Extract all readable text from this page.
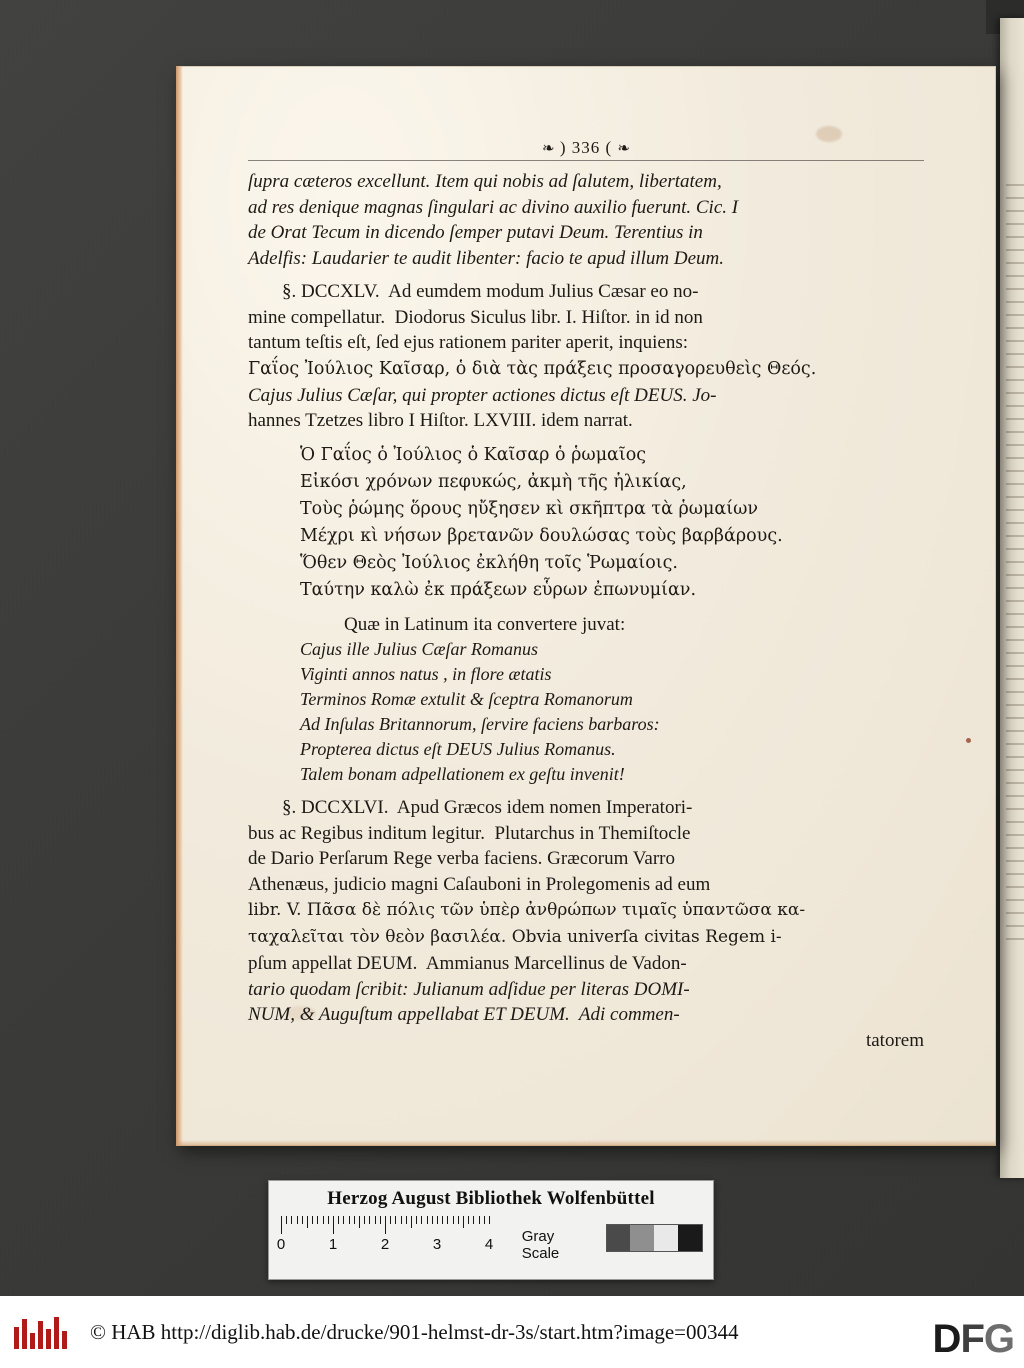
❧ ) 336 ( ❧

ſupra cæteros excellunt. Item qui nobis ad ſalutem, libertatem,

ad res denique magnas ſingulari ac divino auxilio fuerunt. Cic. I

de Orat Tecum in dicendo ſemper putavi Deum. Terentius in

Adelfis: Laudarier te audit libenter: facio te apud illum Deum.

§. DCCXLV.  Ad eumdem modum Julius Cæsar eo no-

mine compellatur.  Diodorus Siculus libr. I. Hiſtor. in id non

tantum teſtis eſt, ſed ejus rationem pariter aperit, inquiens:

Γαΐος Ἰούλιος Καῖσαρ, ὁ διὰ τὰς πράξεις προσαγορευθεὶς Θεός.

Cajus Julius Cæſar, qui propter actiones dictus eſt DEUS. Jo-

hannes Tzetzes libro I Hiſtor. LXVIII. idem narrat.

Ὁ Γαΐος ὁ Ἰούλιος ὁ Καῖσαρ ὁ ῥωμαῖος

Εἰκόσι χρόνων πεφυκώς, ἀκμὴ τῆς ἡλικίας,

Τοὺς ῥώμης ὅρους ηὔξησεν κὶ σκῆπτρα τὰ ῥωμαίων

Μέχρι κὶ νήσων βρετανῶν δουλώσας τοὺς βαρβάρους.

Ὅθεν Θεὸς Ἰούλιος ἐκλήθη τοῖς Ῥωμαίοις.

Ταύτην καλὼ ἐκ πράξεων εὗρων ἐπωνυμίαν.

Quæ in Latinum ita convertere juvat:

Cajus ille Julius Cæſar Romanus

Viginti annos natus , in flore ætatis

Terminos Romæ extulit & ſceptra Romanorum

Ad Inſulas Britannorum, ſervire faciens barbaros:

Propterea dictus eſt DEUS Julius Romanus.

Talem bonam adpellationem ex geſtu invenit!

§. DCCXLVI.  Apud Græcos idem nomen Imperatori-

bus ac Regibus inditum legitur.  Plutarchus in Themiſtocle

de Dario Perſarum Rege verba faciens. Græcorum Varro

Athenæus, judicio magni Caſauboni in Prolegomenis ad eum

libr. V. Πᾶσα δὲ πόλις τῶν ὑπὲρ ἀνθρώπων τιμαῖς ὑπαντῶσα κα-

ταχαλεῖται τὸν θεὸν βασιλέα. Obvia univerſa civitas Regem i-

pſum appellat DEUM.  Ammianus Marcellinus de Vadon-

tario quodam ſcribit: Julianum adſidue per literas DOMI-

NUM, & Auguſtum appellabat ET DEUM.  Adi commen-

tatorem

Herzog August Bibliothek Wolfenbüttel
0	1	2	3	4 Gray Scale
© HAB http://diglib.hab.de/drucke/901-helmst-dr-3s/start.htm?image=00344	DFG
